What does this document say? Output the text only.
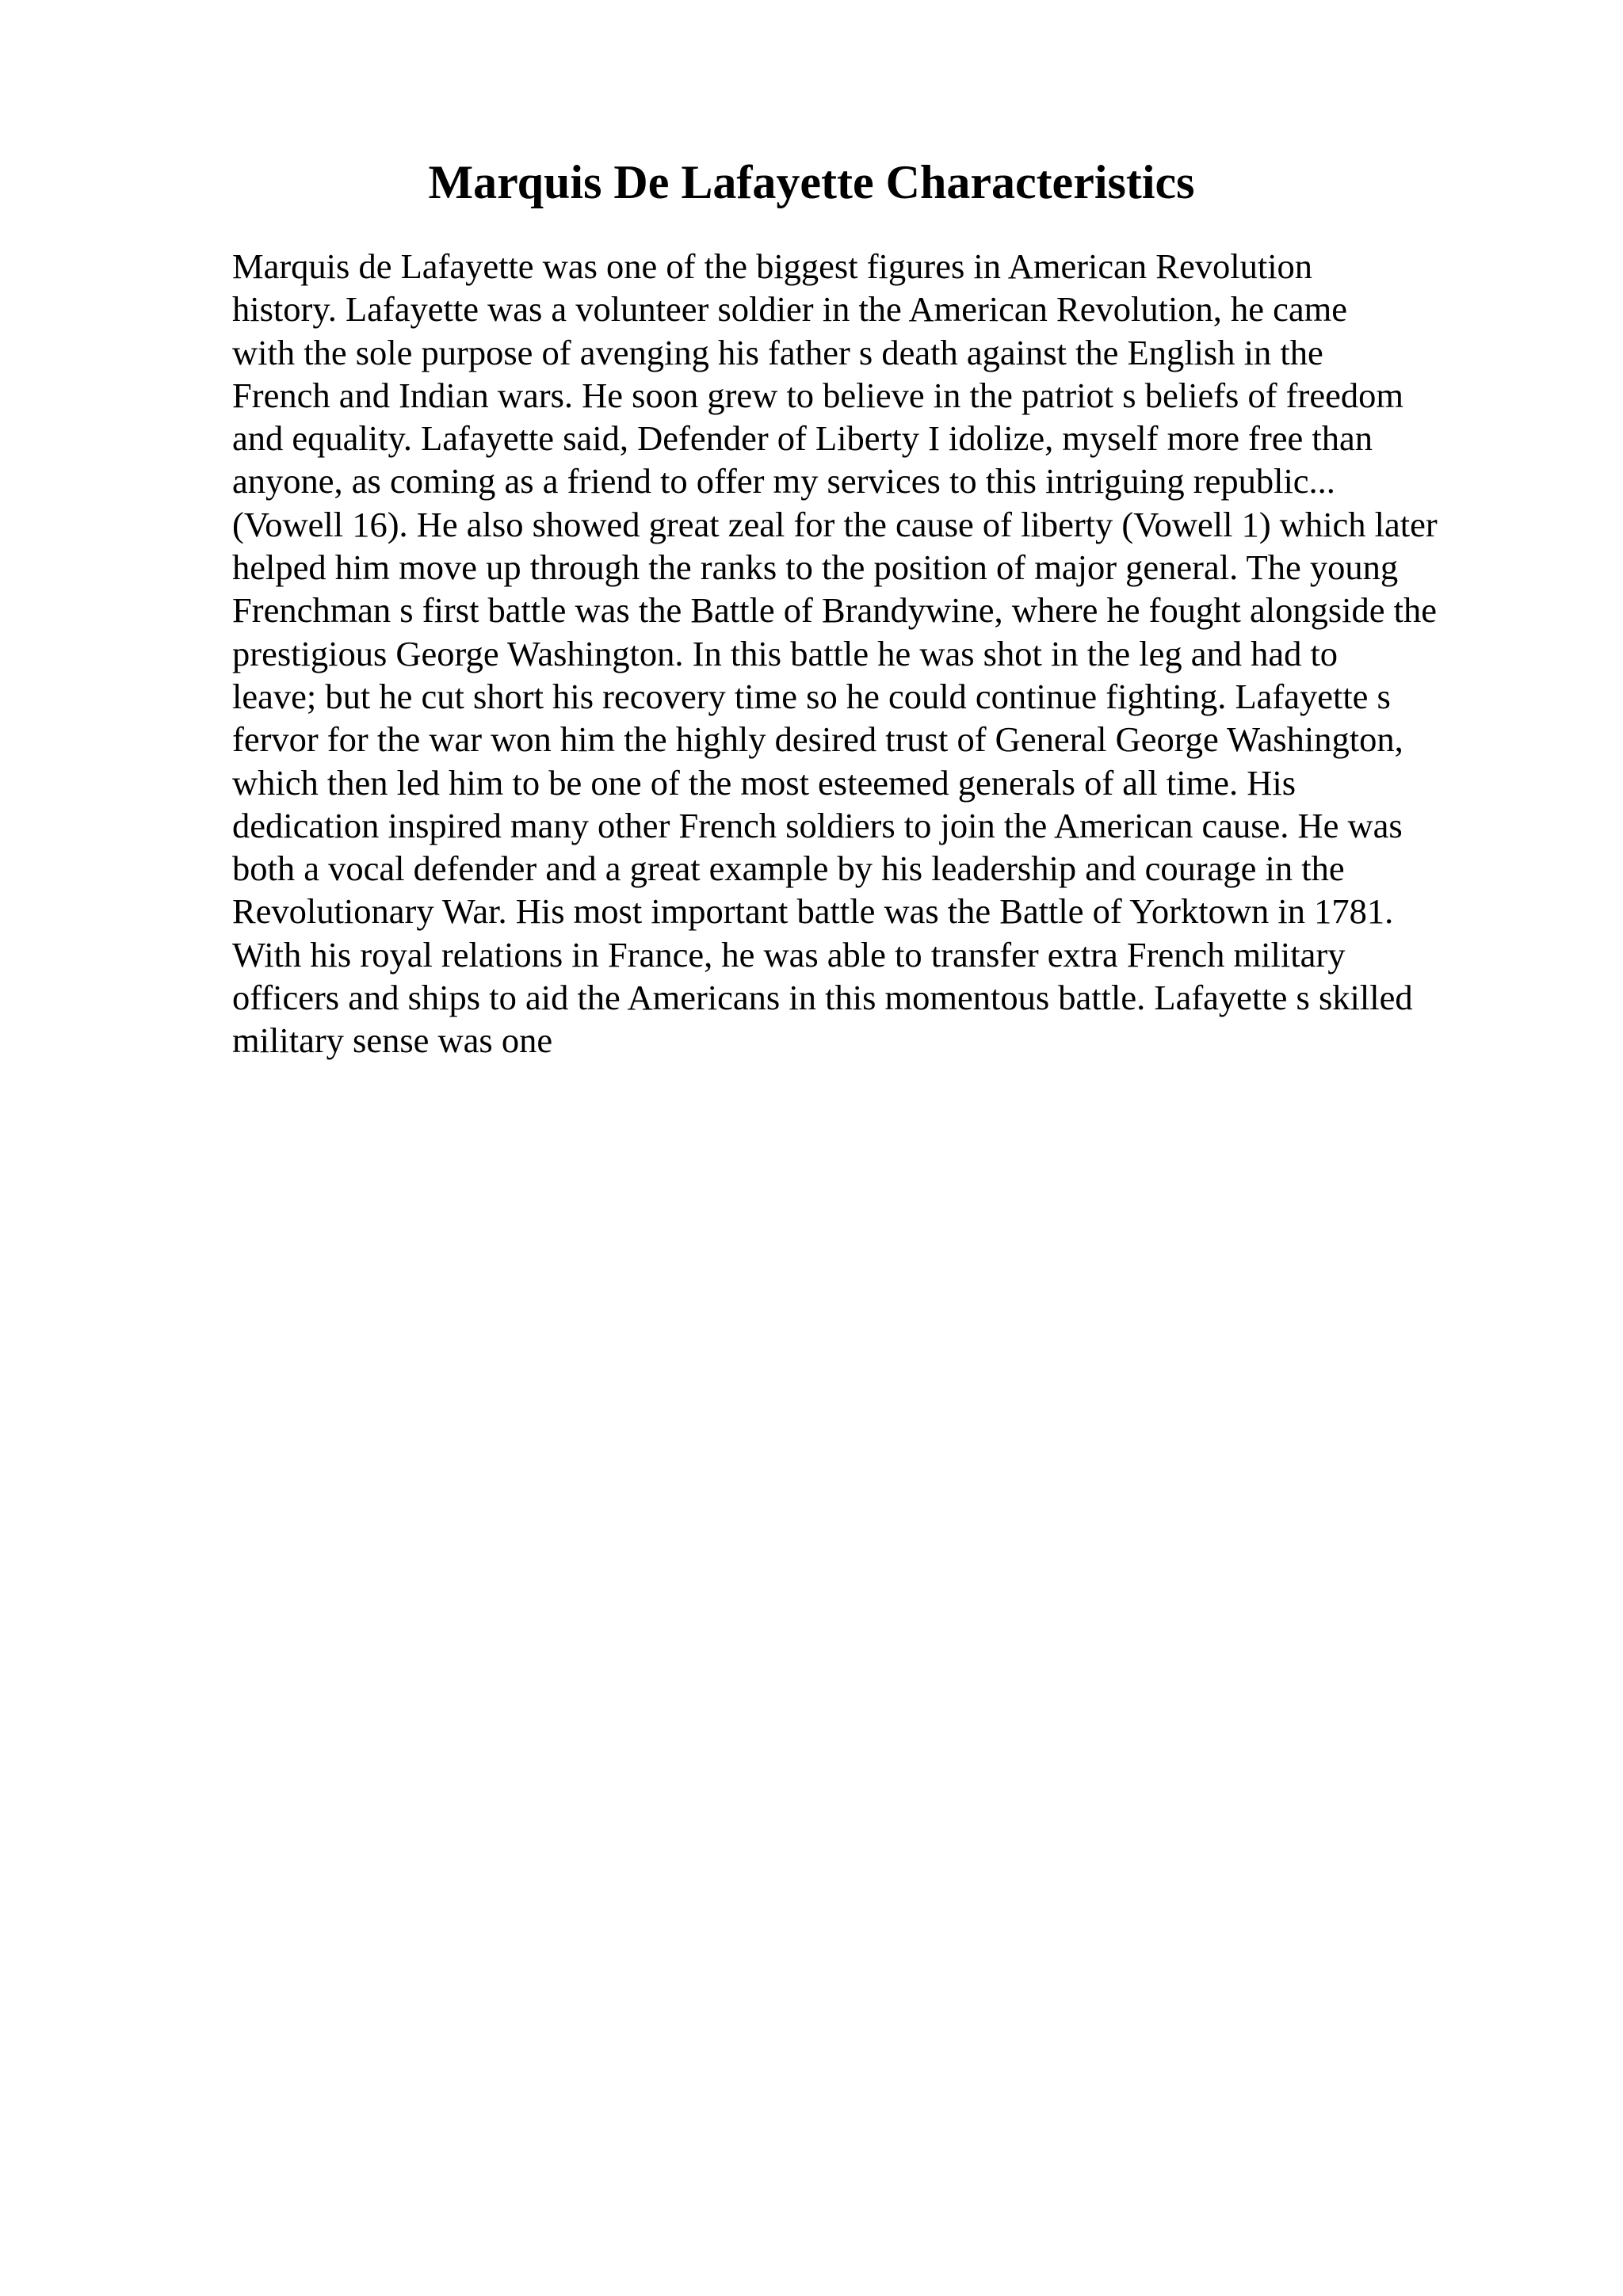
Marquis De Lafayette Characteristics
Marquis de Lafayette was one of the biggest figures in American Revolution
history. Lafayette was a volunteer soldier in the American Revolution, he came
with the sole purpose of avenging his father s death against the English in the
French and Indian wars. He soon grew to believe in the patriot s beliefs of freedom
and equality. Lafayette said, Defender of Liberty I idolize, myself more free than
anyone, as coming as a friend to offer my services to this intriguing republic...
(Vowell 16). He also showed great zeal for the cause of liberty (Vowell 1) which later
helped him move up through the ranks to the position of major general. The young
Frenchman s first battle was the Battle of Brandywine, where he fought alongside the
prestigious George Washington. In this battle he was shot in the leg and had to
leave; but he cut short his recovery time so he could continue fighting. Lafayette s
fervor for the war won him the highly desired trust of General George Washington,
which then led him to be one of the most esteemed generals of all time. His
dedication inspired many other French soldiers to join the American cause. He was
both a vocal defender and a great example by his leadership and courage in the
Revolutionary War. His most important battle was the Battle of Yorktown in 1781.
With his royal relations in France, he was able to transfer extra French military
officers and ships to aid the Americans in this momentous battle. Lafayette s skilled
military sense was one
